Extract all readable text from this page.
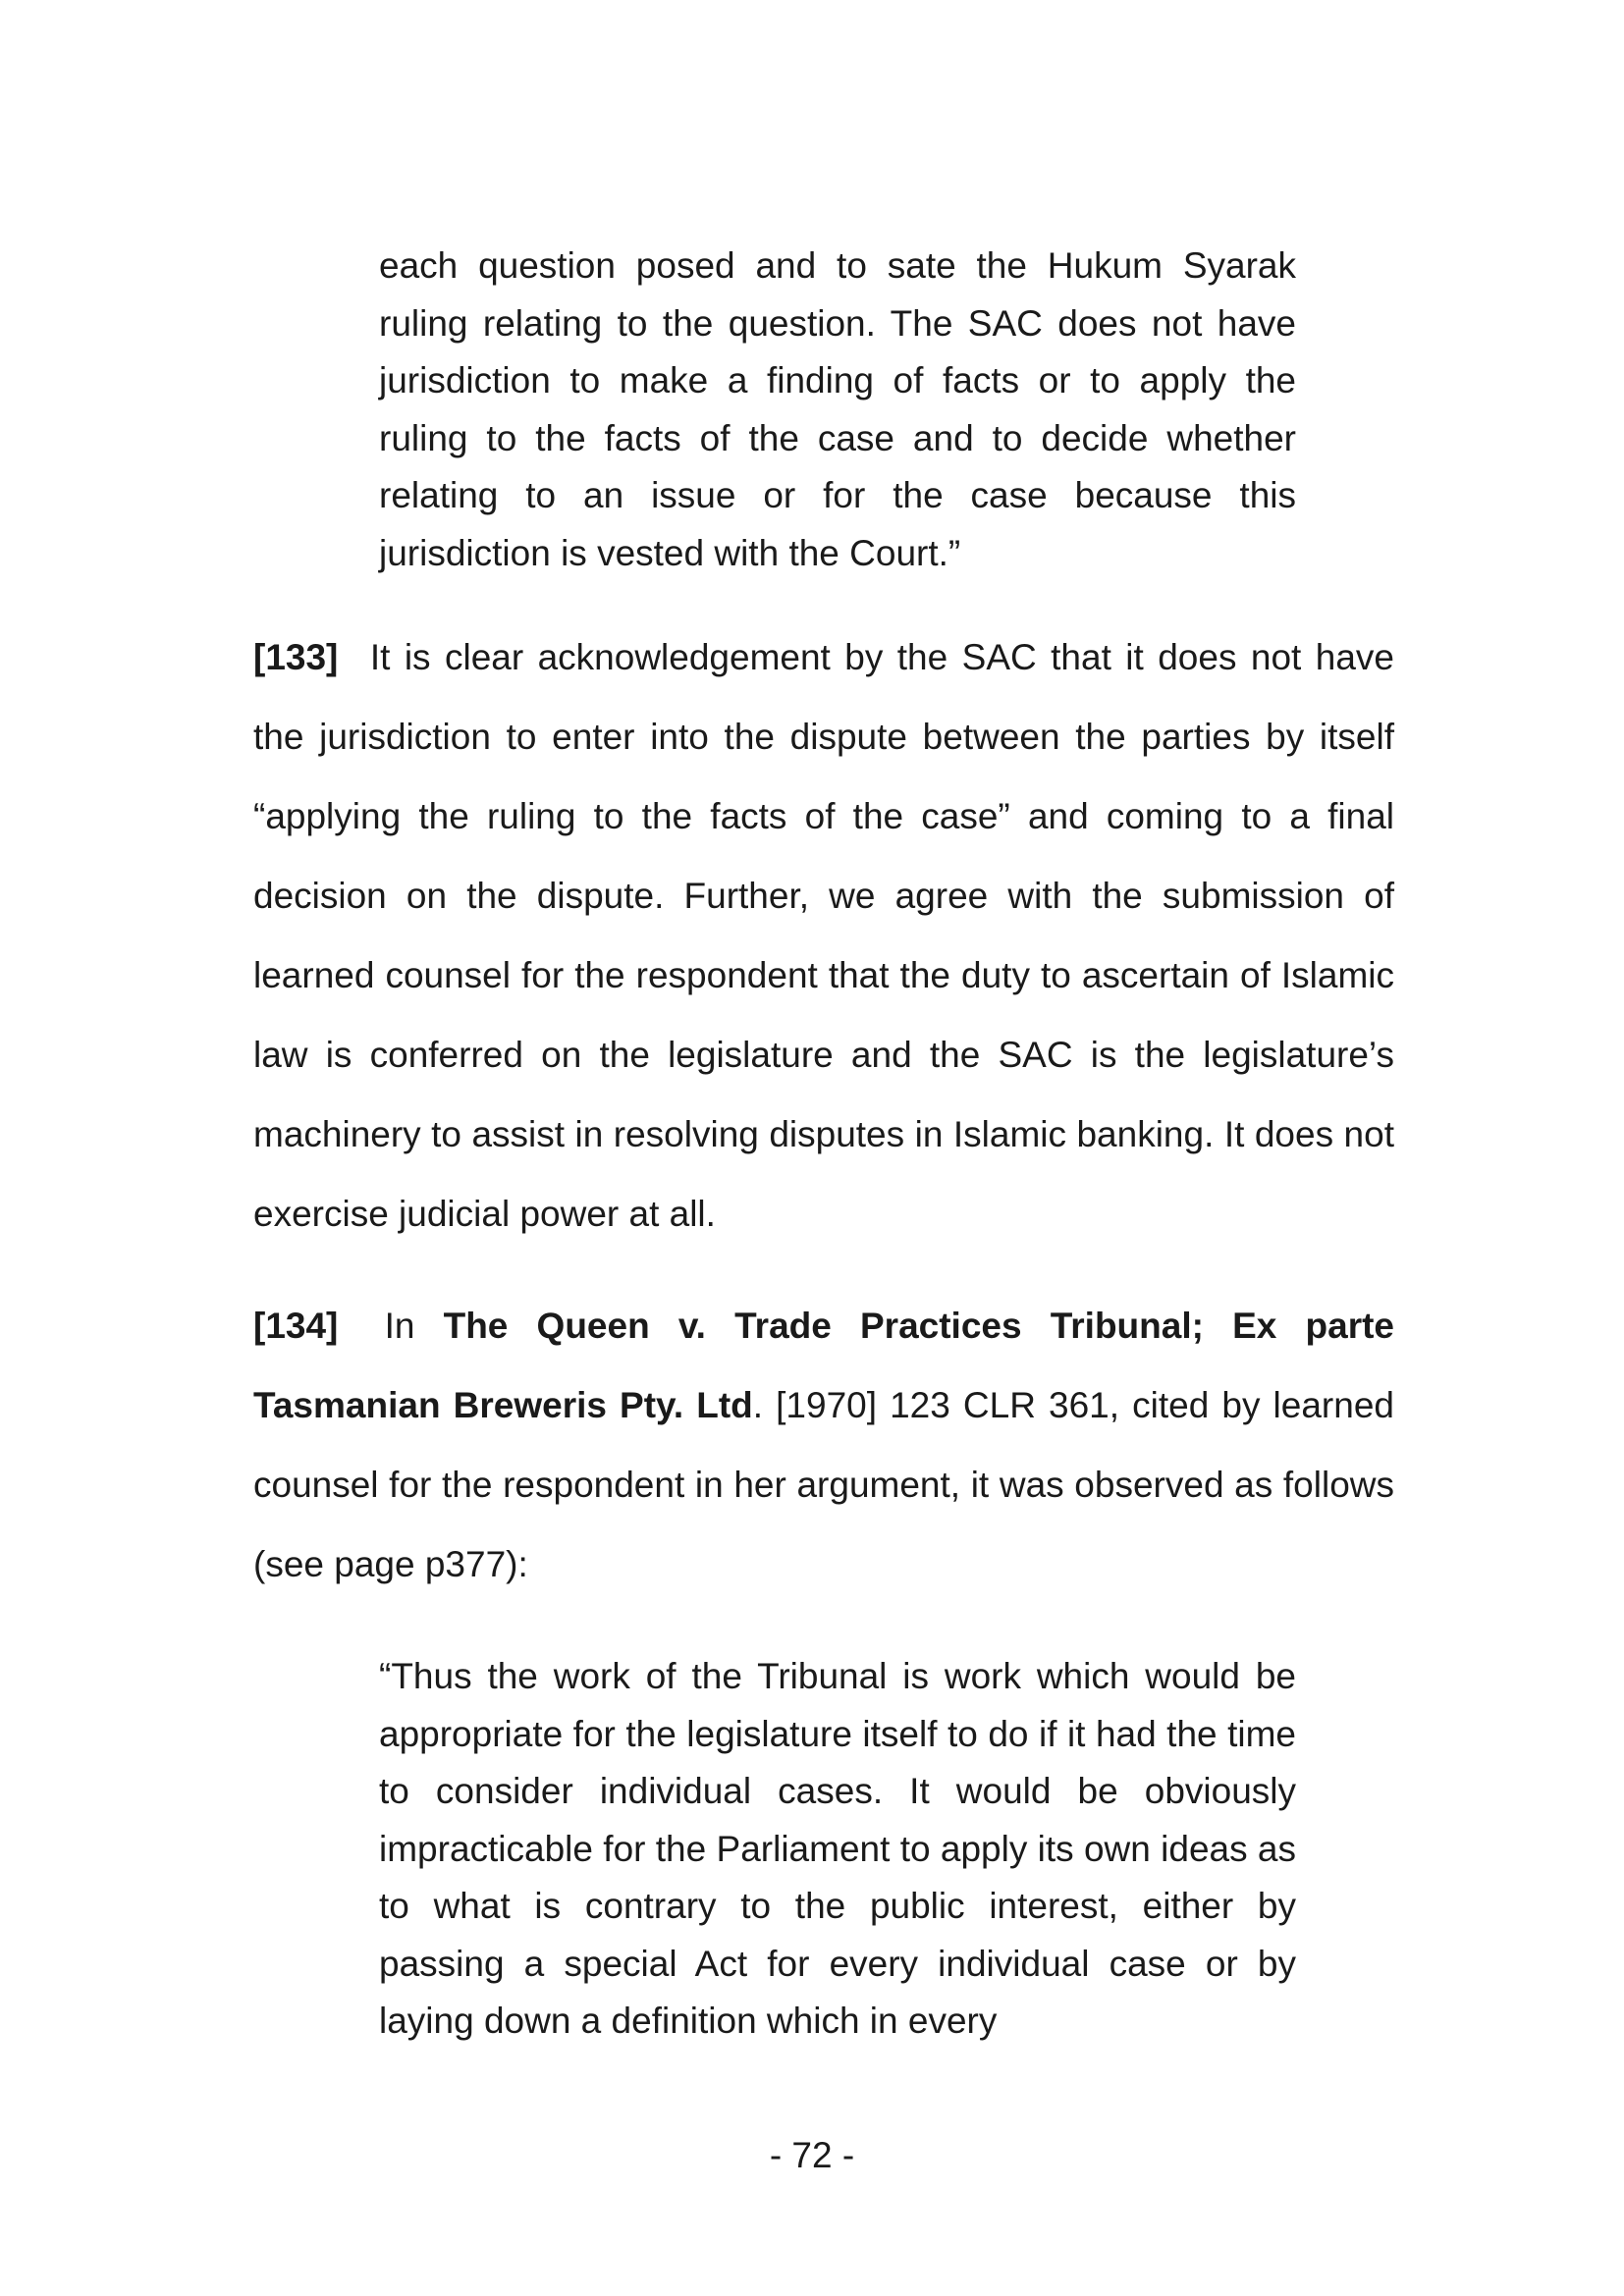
each question posed and to sate the Hukum Syarak ruling relating to the question. The SAC does not have jurisdiction to make a finding of facts or to apply the ruling to the facts of the case and to decide whether relating to an issue or for the case because this jurisdiction is vested with the Court.”
[133] It is clear acknowledgement by the SAC that it does not have the jurisdiction to enter into the dispute between the parties by itself “applying the ruling to the facts of the case” and coming to a final decision on the dispute. Further, we agree with the submission of learned counsel for the respondent that the duty to ascertain of Islamic law is conferred on the legislature and the SAC is the legislature’s machinery to assist in resolving disputes in Islamic banking. It does not exercise judicial power at all.
[134] In The Queen v. Trade Practices Tribunal; Ex parte Tasmanian Breweris Pty. Ltd. [1970] 123 CLR 361, cited by learned counsel for the respondent in her argument, it was observed as follows (see page p377):
“Thus the work of the Tribunal is work which would be appropriate for the legislature itself to do if it had the time to consider individual cases. It would be obviously impracticable for the Parliament to apply its own ideas as to what is contrary to the public interest, either by passing a special Act for every individual case or by laying down a definition which in every
- 72 -
